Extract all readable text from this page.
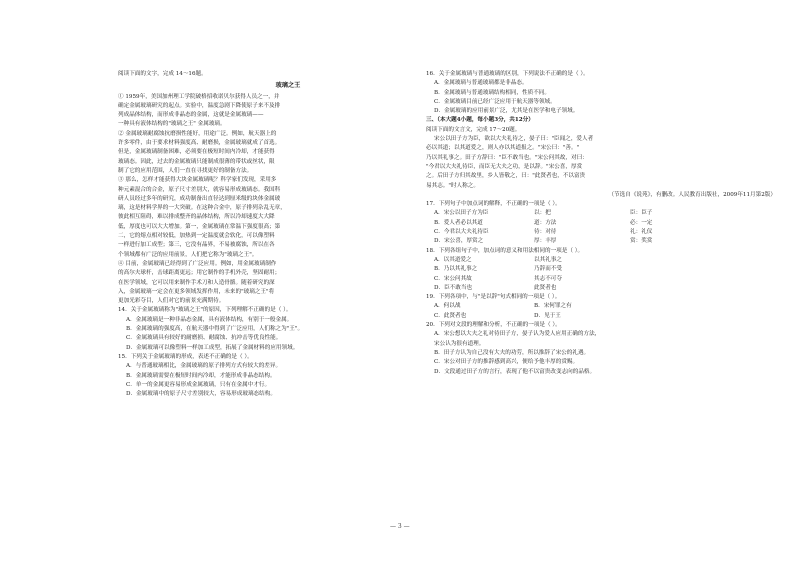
阅读下面的文字，完成 14～16题。

玻璃之王

① 1959年，美国加州理工学院破格招收诺贝尔获得人员之一，并

确定金属玻璃研究的起点。实验中，温度急剧下降使原子来不及排

列成晶体结构，而形成非晶态的金属，这就是金属玻璃——

一种具有液体结构的"玻璃之王" 金属玻璃。

② 金属玻璃耐腐蚀抗磨损性能好，用途广泛。例如，航天器上的

许多零件，由于要求材料强度高、耐磨损，金属玻璃就成了首选。

但是，金属玻璃制备困难，必须要在极短时间内冷却，才能获得

玻璃态。因此，过去的金属玻璃只能制成很薄的带状或丝状，限

制了它的应用范围，人们一直在寻找更好的制备方法。

③ 那么，怎样才能获得大块金属玻璃呢？科学家们发现，采用多

种元素混合的合金，原子尺寸差别大，就容易形成玻璃态。我国科

研人员经过多年的研究，成功制备出直径达到厘米级的块体金属玻

璃，这是材料学界的一大突破。在这种合金中，原子排列杂乱无章，

彼此相互阻碍，难以排成整齐的晶体结构，所以冷却速度大大降

低，厚度也可以大大增加。第一，金属玻璃在常温下强度很高；第

二，它的熔点相对较低，加热到一定温度就会软化，可以像塑料

一样进行加工成型；第三，它没有晶界，不易被腐蚀，所以在各

个领域都有广泛的应用前景，人们把它称为"玻璃之王"。

④ 目前，金属玻璃已经得到了广泛应用。例如，用金属玻璃制作

的高尔夫球杆，击球距离更远；用它制作的手机外壳，坚固耐用；

在医学领域，它可以用来制作手术刀和人造骨骼。随着研究的深

入，金属玻璃一定会在更多领域发挥作用，未来的"玻璃之王"将

更加光彩夺目，人们对它的前景充满期待。

14．关于金属玻璃称为"玻璃之王"的原因，下列理解不正确的是（ ）。

A．金属玻璃是一种非晶态金属，具有液体结构，有别于一般金属。

B．金属玻璃的强度高，在航天器中得到了广泛应用，人们称之为"王"。

C．金属玻璃具有较好的耐磨损、耐腐蚀、抗冲击等优良性能。

D．金属玻璃可以像塑料一样加工成型，拓展了金属材料的应用领域。

15．下列关于金属玻璃的形成，表述不正确的是（ ）。

A．与普通玻璃相比，金属玻璃的原子排列方式有较大的差异。

B．金属玻璃需要在极短时间内冷却，才能形成非晶态结构。

C．单一的金属更容易形成金属玻璃，只有在金属中才行。

D．金属玻璃中的原子尺寸差别较大，容易形成玻璃态结构。

16．关于金属玻璃与普通玻璃的区别，下列说法不正确的是（ ）。

A．金属玻璃与普通玻璃都是非晶态。

B．金属玻璃与普通玻璃结构相同，性质不同。

C．金属玻璃目前已经广泛应用于航天器等领域。

D．金属玻璃的应用前景广泛，尤其是在医学和电子领域。

三、（本大题4小题，每小题3分，共12分）

阅读下面的文言文，完成 17～20题。

宋公以田子方为臣，欲以大夫礼待之，晏子曰："臣闻之，爱人者

必以其道；以其道爱之，则人亦以其道报之。"宋公曰："善。"

乃以其礼事之。田子方辞曰："臣不敢当也。"宋公问其故，对曰：

"今君以大夫礼待臣，而臣无大夫之功，是以辞。"宋公喜，厚赏

之。后田子方归其故里，乡人皆敬之，曰："此贤者也，不以富贵

易其志。"时人称之。

（节选自《说苑》，有删改。人民教育出版社，2009年11月第2版）

17．下列句子中加点词的解释，不正确的一项是（ ）。

A．宋公以田子方为臣	以：把	臣：臣子
B．爱人者必以其道	道：方法	必：一定
C．今君以大夫礼待臣	待：对待	礼：礼仪
D．宋公喜，厚赏之	厚：丰厚	赏：奖赏

18．下列各组句子中，加点词的意义和用法相同的一项是（ ）。

A．以其道爱之	以其礼事之
B．乃以其礼事之	乃辞而不受
C．宋公问其故	其志不可夺
D．臣不敢当也	此贤者也

19．下列各项中，与"是以辞"句式相同的一项是（ ）。

A．何以战	B．宋何罪之有
C．此贤者也	D．见于王

20．下列对文段的理解和分析，不正确的一项是（ ）。

A．宋公想以大夫之礼对待田子方，晏子认为爱人应用正确的方法，

宋公认为很有道理。

B．田子方认为自己没有大夫的功劳，所以推辞了宋公的礼遇。

C．宋公对田子方的推辞感到高兴，便给予他丰厚的赏赐。

D．文段通过田子方的言行，表现了他不以富贵改变志向的品格。

— 3 —
